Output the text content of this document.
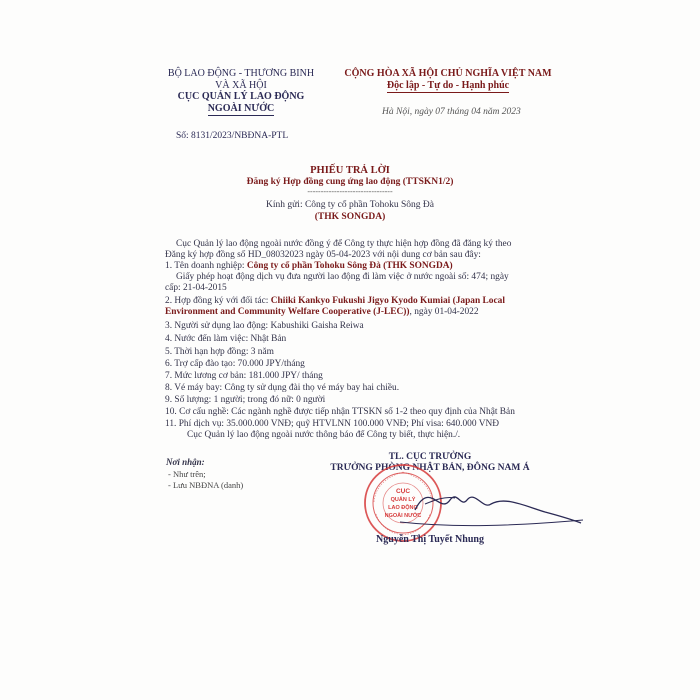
BỘ LAO ĐỘNG - THƯƠNG BINH
VÀ XÃ HỘI
CỤC QUẢN LÝ LAO ĐỘNG
NGOÀI NƯỚC
CỘNG HÒA XÃ HỘI CHỦ NGHĨA VIỆT NAM
Độc lập - Tự do - Hạnh phúc
Số: 8131/2023/NBĐNA-PTL
Hà Nội, ngày 07 tháng 04 năm 2023
PHIẾU TRẢ LỜI
Đăng ký Hợp đồng cung ứng lao động (TTSKN1/2)
--------------------------------
Kính gửi: Công ty cổ phần Tohoku Sông Đà
(THK SONGDA)
Cục Quản lý lao động ngoài nước đồng ý để Công ty thực hiện hợp đồng đã đăng ký theo
Đăng ký hợp đồng số HD_08032023 ngày 05-04-2023 với nội dung cơ bản sau đây:
1. Tên doanh nghiệp: Công ty cổ phần Tohoku Sông Đà (THK SONGDA)
Giấy phép hoạt động dịch vụ đưa người lao động đi làm việc ở nước ngoài số: 474; ngày
cấp: 21-04-2015
2. Hợp đồng ký với đối tác: Chiiki Kankyo Fukushi Jigyo Kyodo Kumiai (Japan Local
Environment and Community Welfare Cooperative (J-LEC)), ngày 01-04-2022
3. Người sử dụng lao động: Kabushiki Gaisha Reiwa
4. Nước đến làm việc: Nhật Bản
5. Thời hạn hợp đồng: 3 năm
6. Trợ cấp đào tạo: 70.000 JPY/tháng
7. Mức lương cơ bản: 181.000 JPY/ tháng
8. Vé máy bay: Công ty sử dụng đài thọ vé máy bay hai chiều.
9. Số lượng: 1 người; trong đó nữ: 0 người
10. Cơ cấu nghề: Các ngành nghề được tiếp nhận TTSKN số 1-2 theo quy định của Nhật Bản
11. Phí dịch vụ: 35.000.000 VNĐ; quỹ HTVLNN 100.000 VNĐ; Phí visa: 640.000 VNĐ
Cục Quản lý lao động ngoài nước thông báo để Công ty biết, thực hiện./.
Nơi nhận:
- Như trên;
- Lưu NBĐNA (danh)
TL. CỤC TRƯỞNG
TRƯỞNG PHÒNG NHẬT BẢN, ĐÔNG NAM Á
CỤC
QUẢN LÝ
LAO ĐỘNG
NGOÀI NƯỚC
Nguyễn Thị Tuyết Nhung
